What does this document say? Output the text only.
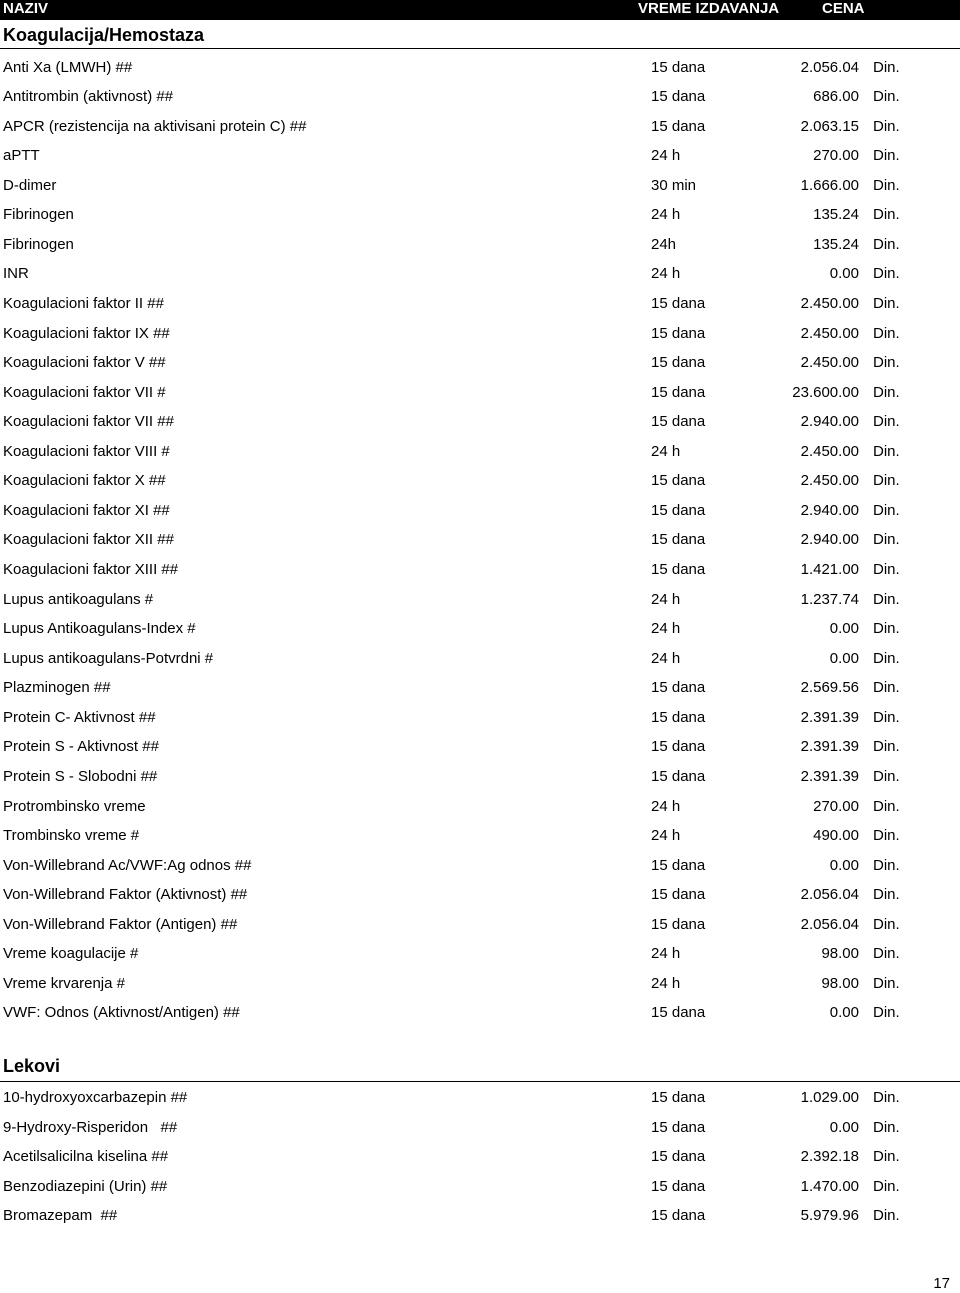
NAZIV	VREME IZDAVANJA	CENA
Koagulacija/Hemostaza
Anti Xa (LMWH) ##	15 dana	2.056.04 Din.
Antitrombin (aktivnost) ##	15 dana	686.00 Din.
APCR (rezistencija na aktivisani protein C) ##	15 dana	2.063.15 Din.
aPTT	24 h	270.00 Din.
D-dimer	30 min	1.666.00 Din.
Fibrinogen	24 h	135.24 Din.
Fibrinogen	24h	135.24 Din.
INR	24 h	0.00 Din.
Koagulacioni faktor II ##	15 dana	2.450.00 Din.
Koagulacioni faktor IX ##	15 dana	2.450.00 Din.
Koagulacioni faktor V ##	15 dana	2.450.00 Din.
Koagulacioni faktor VII #	15 dana	23.600.00 Din.
Koagulacioni faktor VII ##	15 dana	2.940.00 Din.
Koagulacioni faktor VIII #	24 h	2.450.00 Din.
Koagulacioni faktor X ##	15 dana	2.450.00 Din.
Koagulacioni faktor XI ##	15 dana	2.940.00 Din.
Koagulacioni faktor XII ##	15 dana	2.940.00 Din.
Koagulacioni faktor XIII ##	15 dana	1.421.00 Din.
Lupus antikoagulans #	24 h	1.237.74 Din.
Lupus Antikoagulans-Index #	24 h	0.00 Din.
Lupus antikoagulans-Potvrdni #	24 h	0.00 Din.
Plazminogen ##	15 dana	2.569.56 Din.
Protein C- Aktivnost ##	15 dana	2.391.39 Din.
Protein S - Aktivnost ##	15 dana	2.391.39 Din.
Protein S - Slobodni ##	15 dana	2.391.39 Din.
Protrombinsko vreme	24 h	270.00 Din.
Trombinsko vreme #	24 h	490.00 Din.
Von-Willebrand Ac/VWF:Ag odnos ##	15 dana	0.00 Din.
Von-Willebrand Faktor (Aktivnost) ##	15 dana	2.056.04 Din.
Von-Willebrand Faktor (Antigen) ##	15 dana	2.056.04 Din.
Vreme koagulacije #	24 h	98.00 Din.
Vreme krvarenja #	24 h	98.00 Din.
VWF: Odnos (Aktivnost/Antigen) ##	15 dana	0.00 Din.
Lekovi
10-hydroxyoxcarbazepin ##	15 dana	1.029.00 Din.
9-Hydroxy-Risperidon   ##	15 dana	0.00 Din.
Acetilsalicilna kiselina ##	15 dana	2.392.18 Din.
Benzodiazepini (Urin) ##	15 dana	1.470.00 Din.
Bromazepam  ##	15 dana	5.979.96 Din.
17
